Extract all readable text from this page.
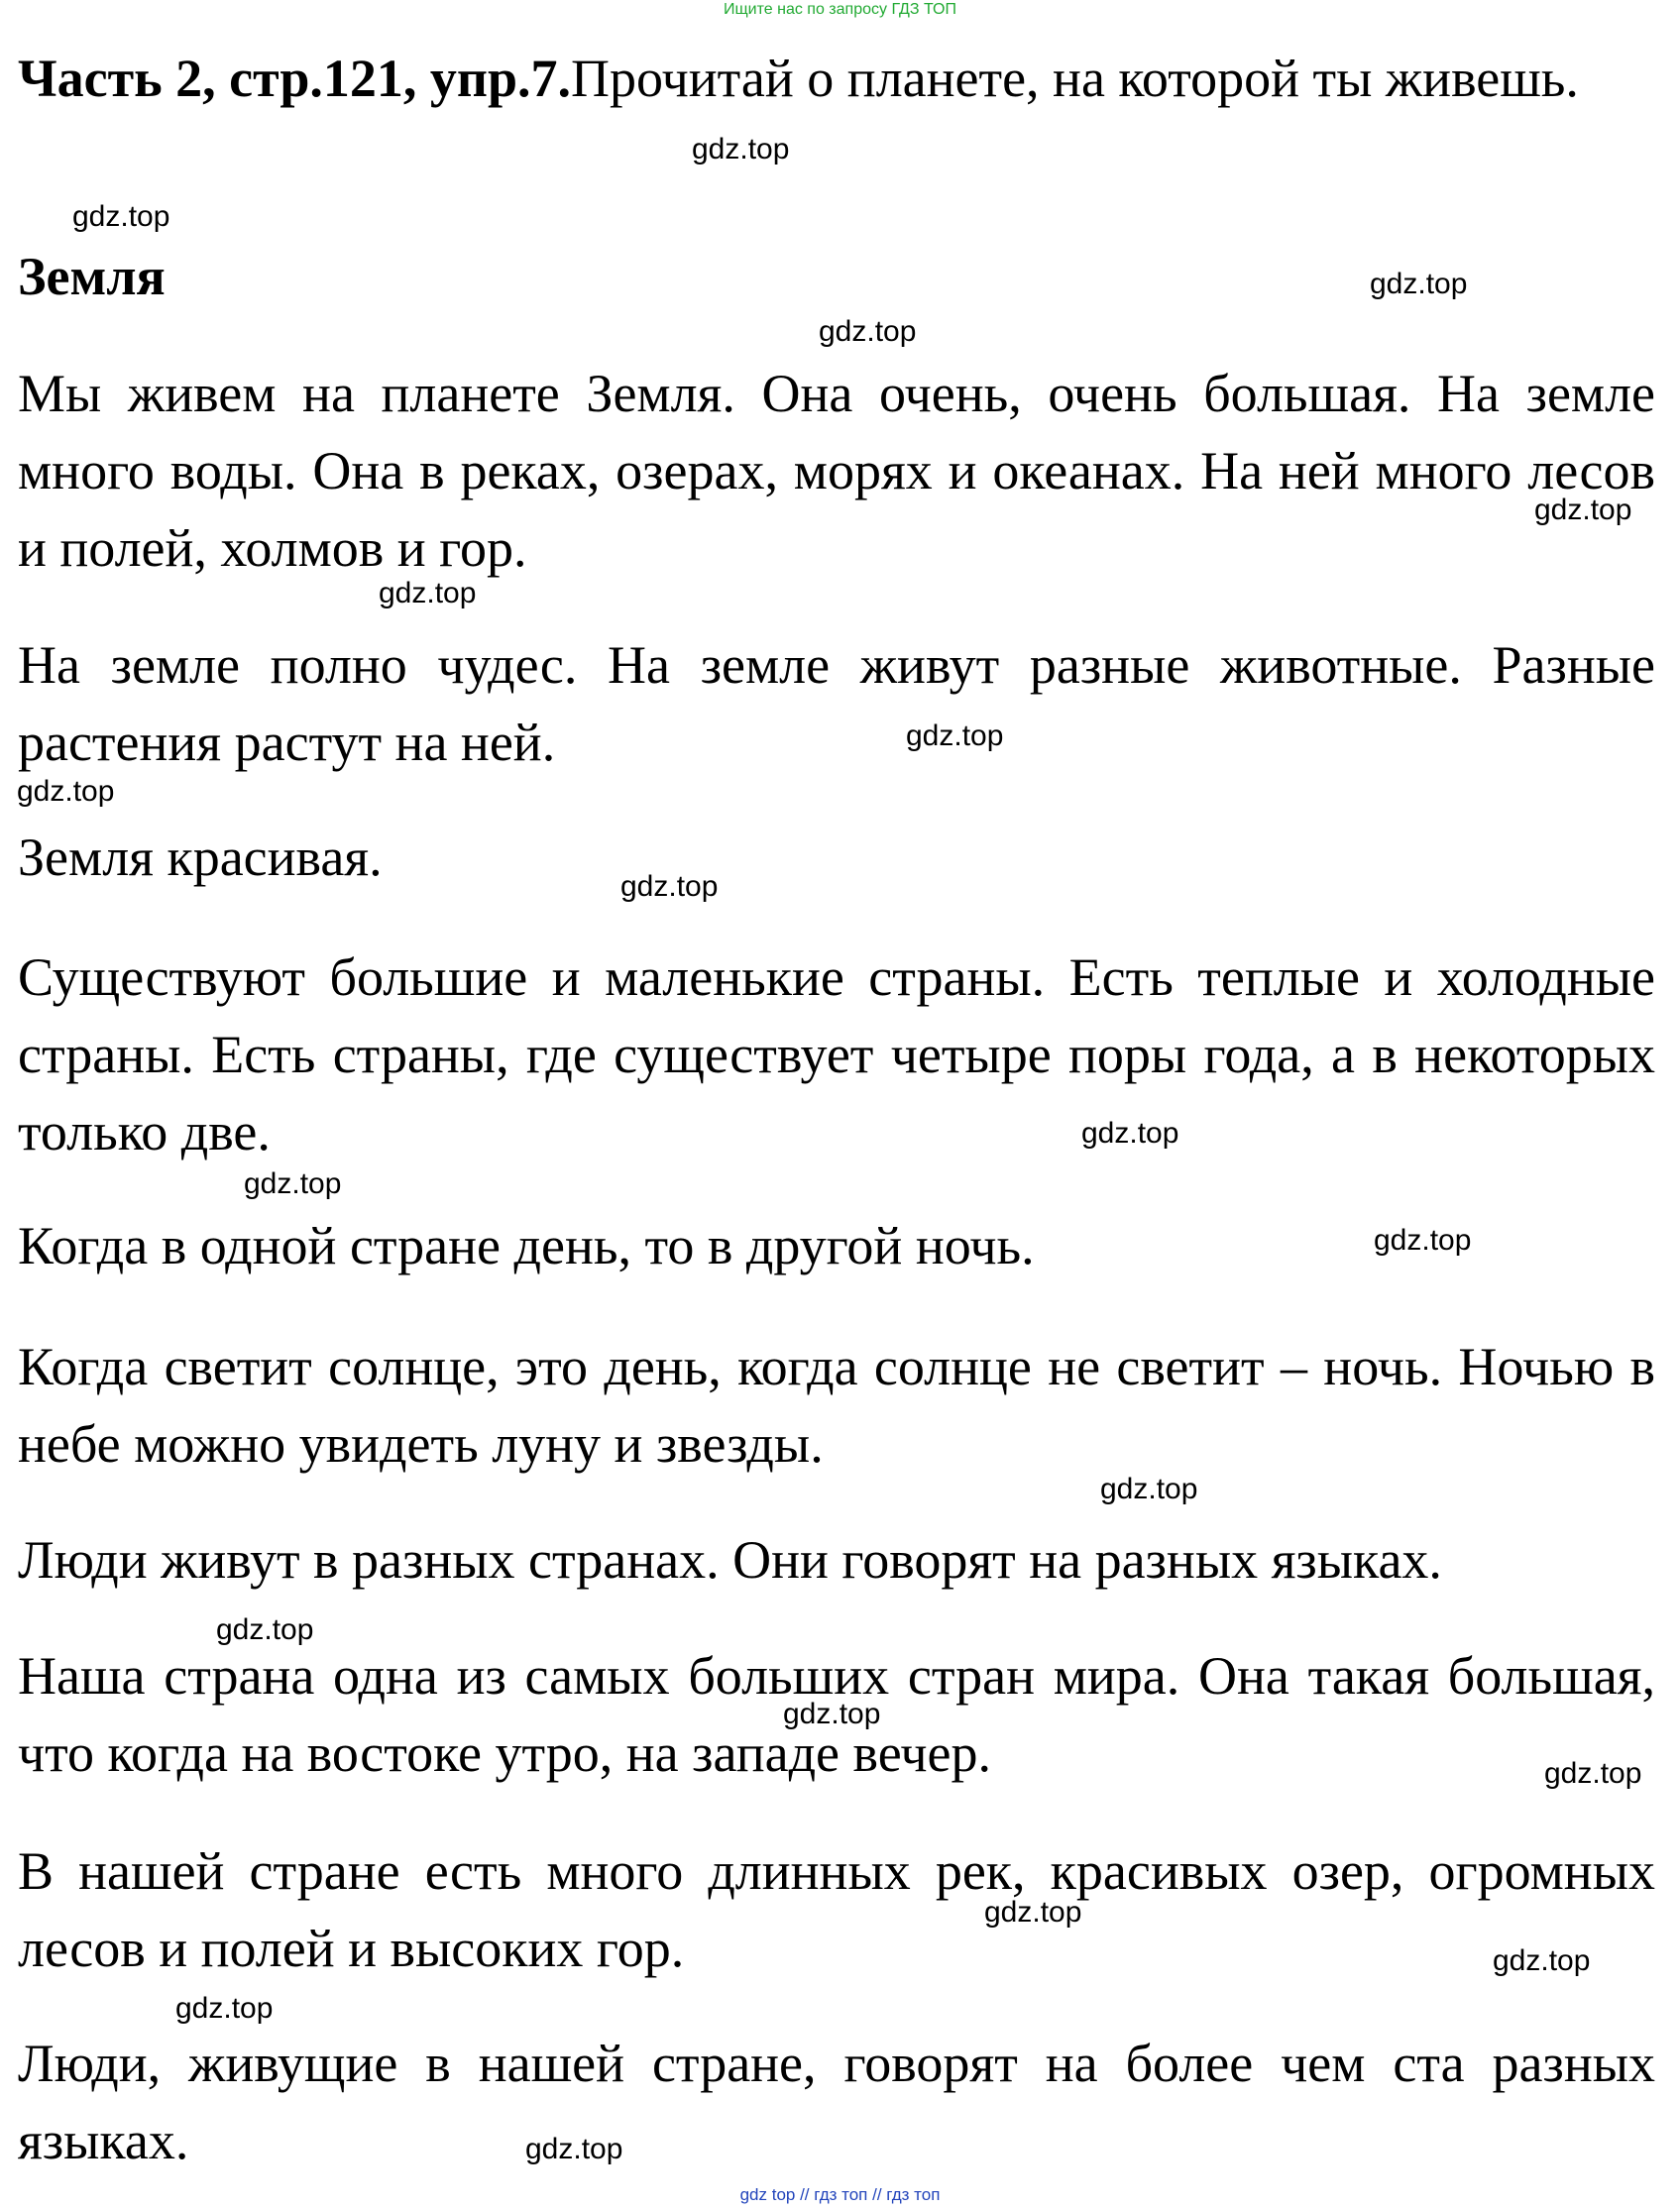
Ищите нас по запросу ГДЗ ТОП

Часть 2, стр.121, упр.7.Прочитай о планете, на которой ты живешь.

Земля

Мы живем на планете Земля. Она очень, очень большая. На земле много воды. Она в реках, озерах, морях и океанах. На ней много лесов и полей, холмов и гор.

На земле полно чудес. На земле живут разные животные. Разные растения растут на ней.

Земля красивая.

Существуют большие и маленькие страны. Есть теплые и холодные страны. Есть страны, где существует четыре поры года, а в некоторых только две.

Когда в одной стране день, то в другой ночь.

Когда светит солнце, это день, когда солнце не светит – ночь. Ночью в небе можно увидеть луну и звезды.

Люди живут в разных странах. Они говорят на разных языках.

Наша страна одна из самых больших стран мира. Она такая большая, что когда на востоке утро, на западе вечер.

В нашей стране есть много длинных рек, красивых озер, огромных лесов и полей и высоких гор.

Люди, живущие в нашей стране, говорят на более чем ста разных языках.

gdz.top
gdz.top
gdz.top
gdz.top
gdz.top
gdz.top
gdz.top
gdz.top
gdz.top
gdz.top
gdz.top
gdz.top
gdz.top
gdz.top
gdz.top
gdz.top
gdz.top
gdz.top
gdz.top
gdz.top
gdz top // гдз топ // гдз топ
